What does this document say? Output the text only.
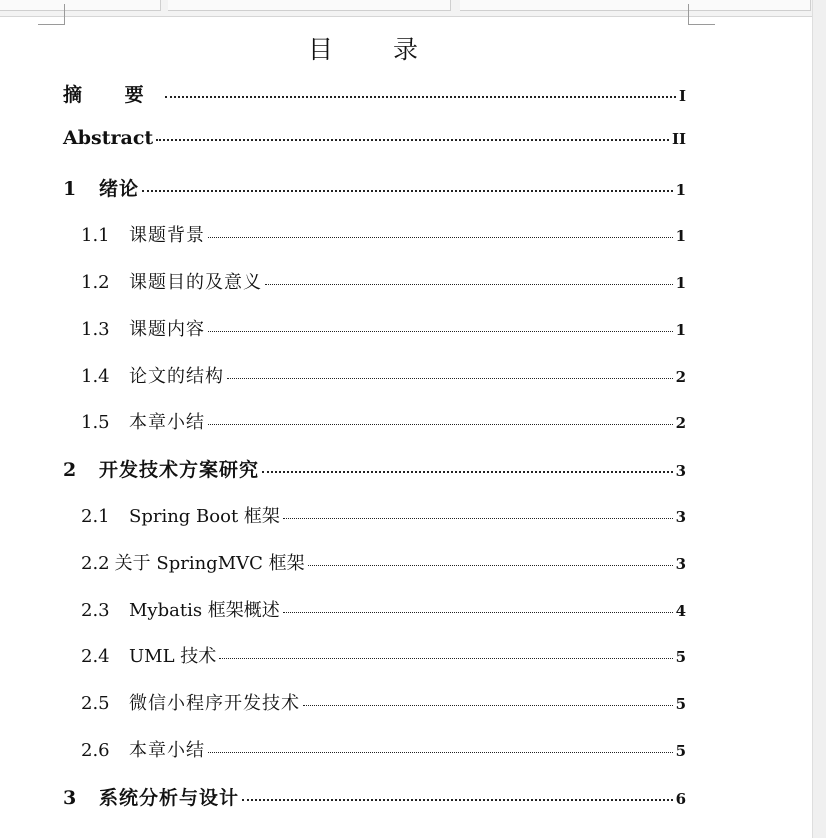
目 录
摘 要	I
Abstract	II
1	绪论	1
1.1	课题背景	1
1.2	课题目的及意义	1
1.3	课题内容	1
1.4	论文的结构	2
1.5	本章小结	2
2	开发技术方案研究	3
2.1	Spring Boot 框架	3
2.2 关于 SpringMVC 框架	3
2.3	Mybatis 框架概述	4
2.4	UML 技术	5
2.5	微信小程序开发技术	5
2.6	本章小结	5
3	系统分析与设计	6
